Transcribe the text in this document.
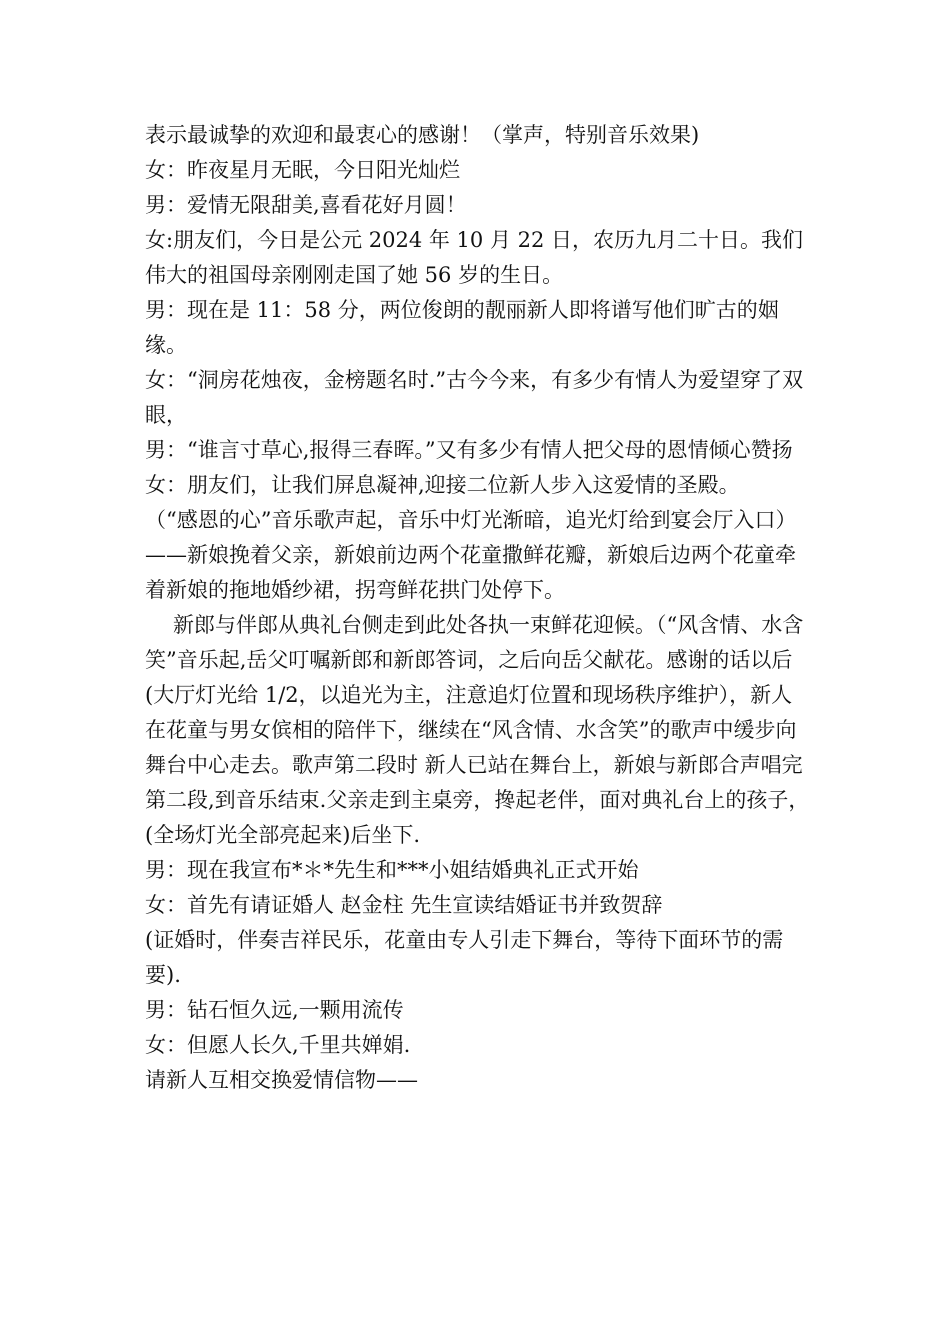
表示最诚挚的欢迎和最衷心的感谢！（掌声，特别音乐效果)

女：昨夜星月无眠，今日阳光灿烂

男：爱情无限甜美,喜看花好月圆！

女:朋友们，今日是公元 2024 年 10 月 22 日，农历九月二十日。我们伟大的祖国母亲刚刚走国了她 56 岁的生日。

男：现在是 11：58 分，两位俊朗的靓丽新人即将谱写他们旷古的姻缘。

女：“洞房花烛夜，金榜题名时.”古今今来，有多少有情人为爱望穿了双眼，

男：“谁言寸草心,报得三春晖。”又有多少有情人把父母的恩情倾心赞扬

女：朋友们，让我们屏息凝神,迎接二位新人步入这爱情的圣殿。

（“感恩的心”音乐歌声起，音乐中灯光渐暗，追光灯给到宴会厅入口）

——新娘挽着父亲，新娘前边两个花童撒鲜花瓣，新娘后边两个花童牵着新娘的拖地婚纱裙，拐弯鲜花拱门处停下。

新郎与伴郎从典礼台侧走到此处各执一束鲜花迎候。（“风含情、水含笑”音乐起,岳父叮嘱新郎和新郎答词，之后向岳父献花。感谢的话以后(大厅灯光给 1/2，以追光为主，注意追灯位置和现场秩序维护），新人在花童与男女傧相的陪伴下，继续在“风含情、水含笑”的歌声中缓步向舞台中心走去。歌声第二段时 新人已站在舞台上，新娘与新郎合声唱完第二段,到音乐结束.父亲走到主桌旁，搀起老伴，面对典礼台上的孩子，(全场灯光全部亮起来)后坐下.

男：现在我宣布*＊*先生和***小姐结婚典礼正式开始

女：首先有请证婚人 赵金柱 先生宣读结婚证书并致贺辞

(证婚时，伴奏吉祥民乐，花童由专人引走下舞台，等待下面环节的需要).

男：钻石恒久远,一颗用流传

女：但愿人长久,千里共婵娟.

请新人互相交换爱情信物——
